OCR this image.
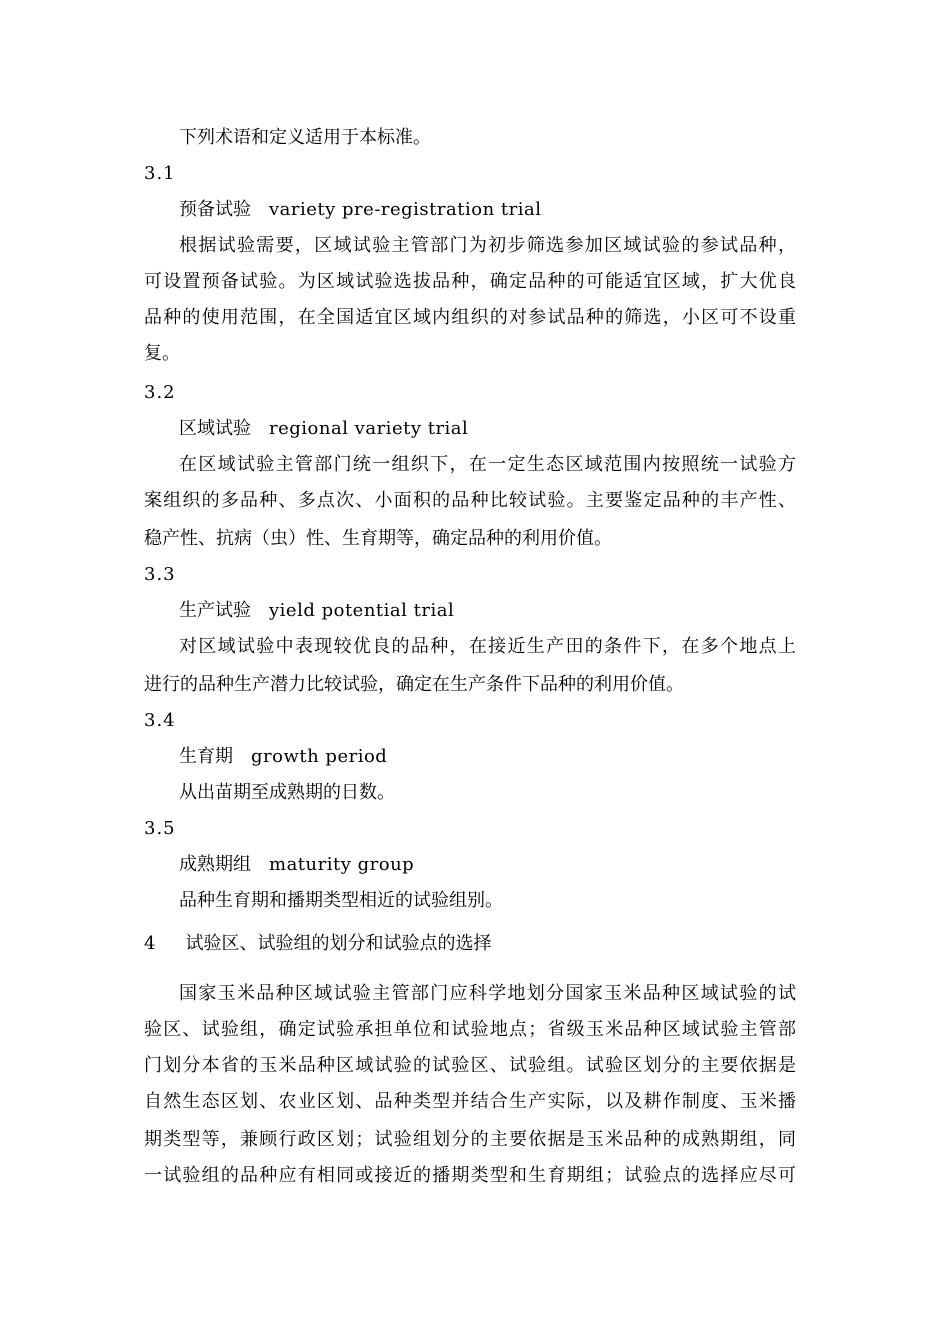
下列术语和定义适用于本标准。
3.1
预备试验 variety pre-registration trial
根据试验需要，区域试验主管部门为初步筛选参加区域试验的参试品种，
可设置预备试验。为区域试验选拔品种，确定品种的可能适宜区域，扩大优良
品种的使用范围，在全国适宜区域内组织的对参试品种的筛选，小区可不设重
复。
3.2
区域试验 regional variety trial
在区域试验主管部门统一组织下，在一定生态区域范围内按照统一试验方
案组织的多品种、多点次、小面积的品种比较试验。主要鉴定品种的丰产性、
稳产性、抗病（虫）性、生育期等，确定品种的利用价值。
3.3
生产试验 yield potential trial
对区域试验中表现较优良的品种，在接近生产田的条件下，在多个地点上
进行的品种生产潜力比较试验，确定在生产条件下品种的利用价值。
3.4
生育期 growth period
从出苗期至成熟期的日数。
3.5
成熟期组 maturity group
品种生育期和播期类型相近的试验组别。
4 试验区、试验组的划分和试验点的选择
国家玉米品种区域试验主管部门应科学地划分国家玉米品种区域试验的试
验区、试验组，确定试验承担单位和试验地点；省级玉米品种区域试验主管部
门划分本省的玉米品种区域试验的试验区、试验组。试验区划分的主要依据是
自然生态区划、农业区划、品种类型并结合生产实际，以及耕作制度、玉米播
期类型等，兼顾行政区划；试验组划分的主要依据是玉米品种的成熟期组，同
一试验组的品种应有相同或接近的播期类型和生育期组；试验点的选择应尽可
